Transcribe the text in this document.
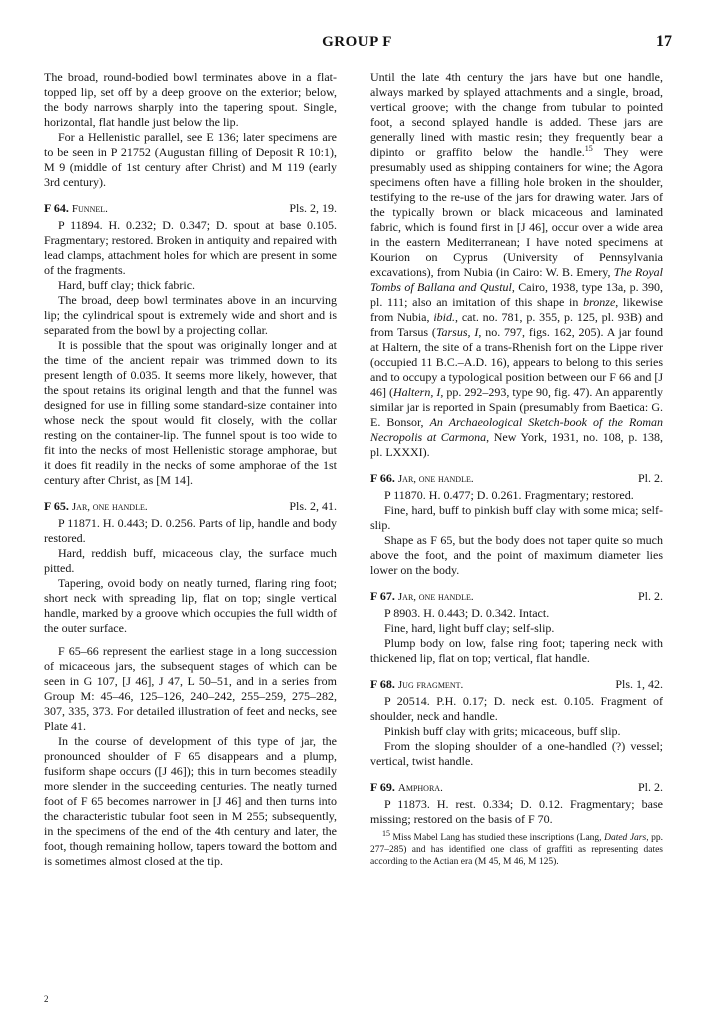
GROUP F	17

The broad, round-bodied bowl terminates above in a flat-topped lip, set off by a deep groove on the exterior; below, the body narrows sharply into the tapering spout. Single, horizontal, flat handle just below the lip.

For a Hellenistic parallel, see E 136; later specimens are to be seen in P 21752 (Augustan filling of Deposit R 10:1), M 9 (middle of 1st century after Christ) and M 119 (early 3rd century).

F 64. Funnel.	Pls. 2, 19.

P 11894. H. 0.232; D. 0.347; D. spout at base 0.105. Fragmentary; restored. Broken in antiquity and repaired with lead clamps, attachment holes for which are present in some of the fragments.

Hard, buff clay; thick fabric.

The broad, deep bowl terminates above in an incurving lip; the cylindrical spout is extremely wide and short and is separated from the bowl by a projecting collar.

It is possible that the spout was originally longer and at the time of the ancient repair was trimmed down to its present length of 0.035. It seems more likely, however, that the spout retains its original length and that the funnel was designed for use in filling some standard-size container into whose neck the spout would fit closely, with the collar resting on the container-lip. The funnel spout is too wide to fit into the necks of most Hellenistic storage amphorae, but it does fit readily in the necks of some amphorae of the 1st century after Christ, as [M 14].

F 65. Jar, one handle.	Pls. 2, 41.

P 11871. H. 0.443; D. 0.256. Parts of lip, handle and body restored.

Hard, reddish buff, micaceous clay, the surface much pitted.

Tapering, ovoid body on neatly turned, flaring ring foot; short neck with spreading lip, flat on top; single vertical handle, marked by a groove which occupies the full width of the outer surface.

F 65–66 represent the earliest stage in a long succession of micaceous jars, the subsequent stages of which can be seen in G 107, [J 46], J 47, L 50–51, and in a series from Group M: 45–46, 125–126, 240–242, 255–259, 275–282, 307, 335, 373. For detailed illustration of feet and necks, see Plate 41.

In the course of development of this type of jar, the pronounced shoulder of F 65 disappears and a plump, fusiform shape occurs ([J 46]); this in turn becomes steadily more slender in the succeeding centuries. The neatly turned foot of F 65 becomes narrower in [J 46] and then turns into the characteristic tubular foot seen in M 255; subsequently, in the specimens of the end of the 4th century and later, the foot, though remaining hollow, tapers toward the bottom and is sometimes almost closed at the tip.

Until the late 4th century the jars have but one handle, always marked by splayed attachments and a single, broad, vertical groove; with the change from tubular to pointed foot, a second splayed handle is added. These jars are generally lined with mastic resin; they frequently bear a dipinto or graffito below the handle.$^{15}$ They were presumably used as shipping containers for wine; the Agora specimens often have a filling hole broken in the shoulder, testifying to the re-use of the jars for drawing water. Jars of the typically brown or black micaceous and laminated fabric, which is found first in [J 46], occur over a wide area in the eastern Mediterranean; I have noted specimens at Kourion on Cyprus (University of Pennsylvania excavations), from Nubia (in Cairo: W. B. Emery, The Royal Tombs of Ballana and Qustul, Cairo, 1938, type 13a, p. 390, pl. 111; also an imitation of this shape in bronze, likewise from Nubia, ibid., cat. no. 781, p. 355, p. 125, pl. 93B) and from Tarsus (Tarsus, I, no. 797, figs. 162, 205). A jar found at Haltern, the site of a trans-Rhenish fort on the Lippe river (occupied 11 B.C.–A.D. 16), appears to belong to this series and to occupy a typological position between our F 66 and [J 46] (Haltern, I, pp. 292–293, type 90, fig. 47). An apparently similar jar is reported in Spain (presumably from Baetica: G. E. Bonsor, An Archaeological Sketch-book of the Roman Necropolis at Carmona, New York, 1931, no. 108, p. 138, pl. LXXXI).

F 66. Jar, one handle.	Pl. 2.

P 11870. H. 0.477; D. 0.261. Fragmentary; restored.

Fine, hard, buff to pinkish buff clay with some mica; self-slip.

Shape as F 65, but the body does not taper quite so much above the foot, and the point of maximum diameter lies lower on the body.

F 67. Jar, one handle.	Pl. 2.

P 8903. H. 0.443; D. 0.342. Intact.

Fine, hard, light buff clay; self-slip.

Plump body on low, false ring foot; tapering neck with thickened lip, flat on top; vertical, flat handle.

F 68. Jug fragment.	Pls. 1, 42.

P 20514. P.H. 0.17; D. neck est. 0.105. Fragment of shoulder, neck and handle.

Pinkish buff clay with grits; micaceous, buff slip.

From the sloping shoulder of a one-handled (?) vessel; vertical, twist handle.

F 69. Amphora.	Pl. 2.

P 11873. H. rest. 0.334; D. 0.12. Fragmentary; base missing; restored on the basis of F 70.

$^{15}$ Miss Mabel Lang has studied these inscriptions (Lang, Dated Jars, pp. 277–285) and has identified one class of graffiti as representing dates according to the Actian era (M 45, M 46, M 125).

2
